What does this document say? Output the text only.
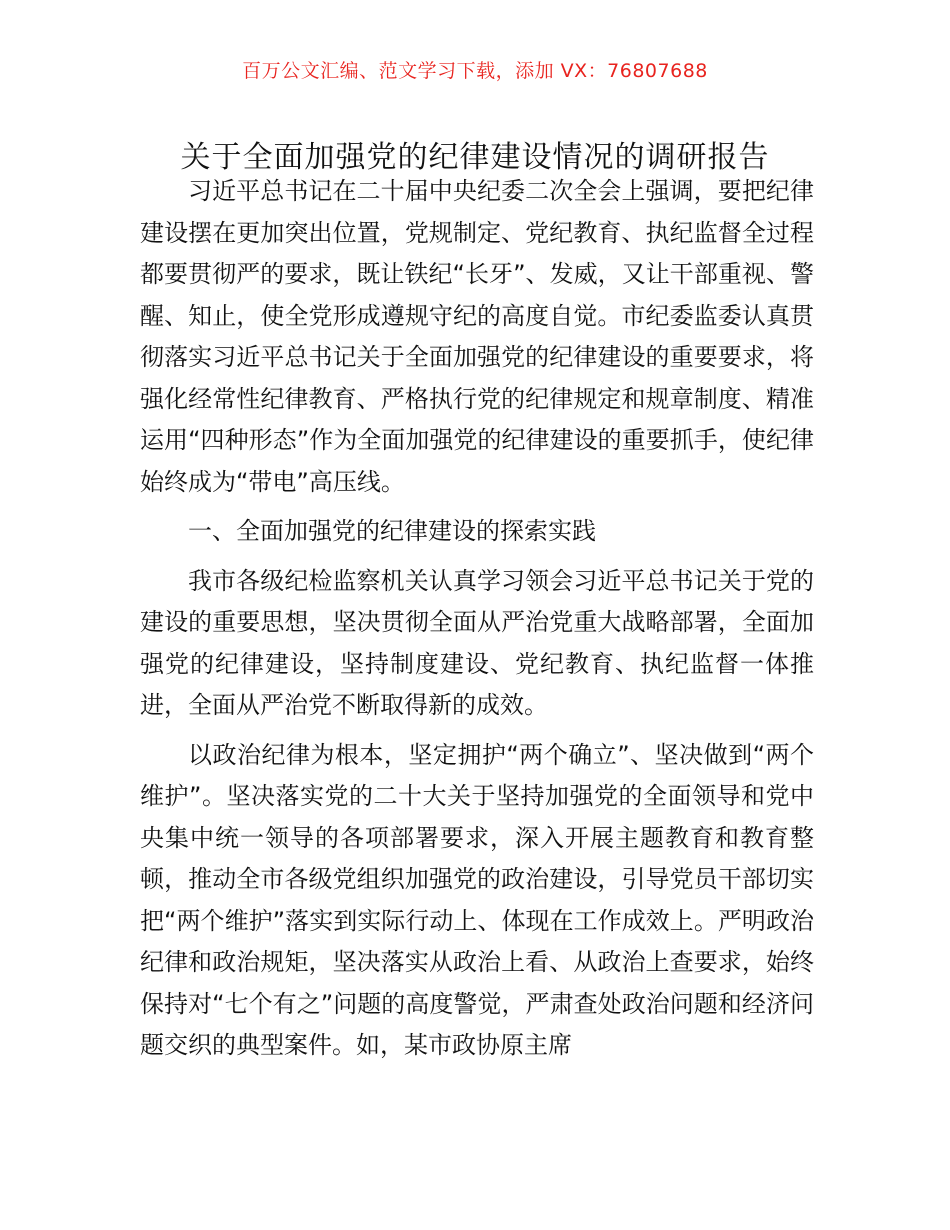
百万公文汇编、范文学习下载，添加 VX：76807688
关于全面加强党的纪律建设情况的调研报告

习近平总书记在二十届中央纪委二次全会上强调，要把纪律建设摆在更加突出位置，党规制定、党纪教育、执纪监督全过程都要贯彻严的要求，既让铁纪“长牙”、发威，又让干部重视、警醒、知止，使全党形成遵规守纪的高度自觉。市纪委监委认真贯彻落实习近平总书记关于全面加强党的纪律建设的重要要求，将强化经常性纪律教育、严格执行党的纪律规定和规章制度、精准运用“四种形态”作为全面加强党的纪律建设的重要抓手，使纪律始终成为“带电”高压线。

一、全面加强党的纪律建设的探索实践

我市各级纪检监察机关认真学习领会习近平总书记关于党的建设的重要思想，坚决贯彻全面从严治党重大战略部署，全面加强党的纪律建设，坚持制度建设、党纪教育、执纪监督一体推进，全面从严治党不断取得新的成效。

以政治纪律为根本，坚定拥护“两个确立”、坚决做到“两个维护”。坚决落实党的二十大关于坚持加强党的全面领导和党中央集中统一领导的各项部署要求，深入开展主题教育和教育整顿，推动全市各级党组织加强党的政治建设，引导党员干部切实把“两个维护”落实到实际行动上、体现在工作成效上。严明政治纪律和政治规矩，坚决落实从政治上看、从政治上查要求，始终保持对“七个有之”问题的高度警觉，严肃查处政治问题和经济问题交织的典型案件。如，某市政协原主席
